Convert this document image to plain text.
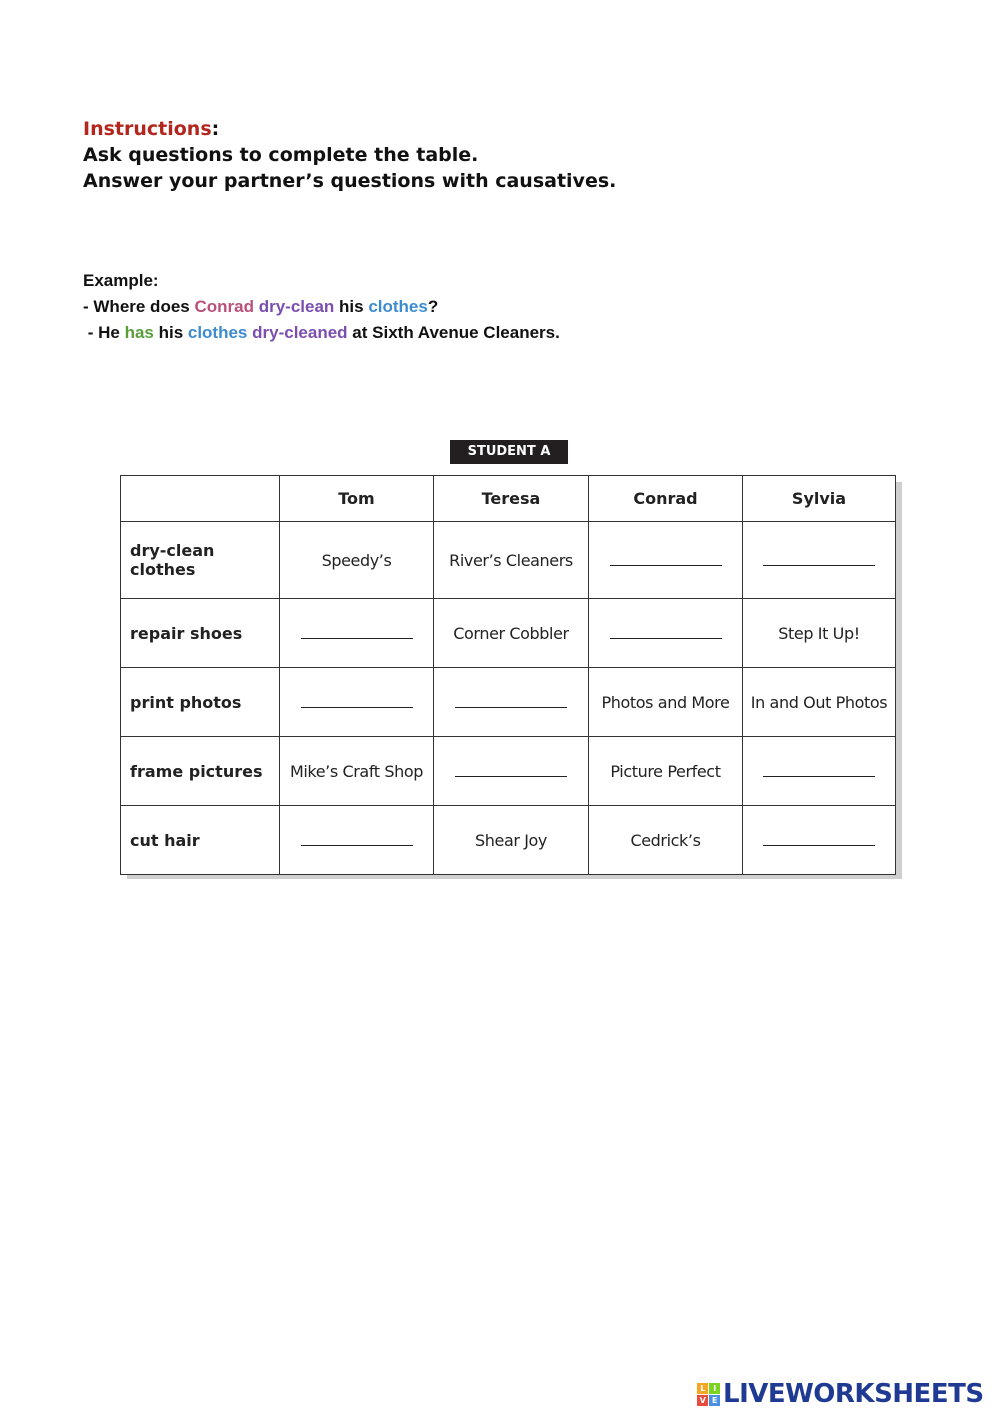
Instructions:
Ask questions to complete the table.
Answer your partner’s questions with causatives.
Example:
- Where does Conrad dry-clean his clothes?
- He has his clothes dry-cleaned at Sixth Avenue Cleaners.
STUDENT A
	Tom	Teresa	Conrad	Sylvia
dry-clean clothes	Speedy’s	River’s Cleaners		
repair shoes		Corner Cobbler		Step It Up!
print photos			Photos and More	In and Out Photos
frame pictures	Mike’s Craft Shop		Picture Perfect	
cut hair		Shear Joy	Cedrick’s	
L	I
V E LIVEWORKSHEETS
